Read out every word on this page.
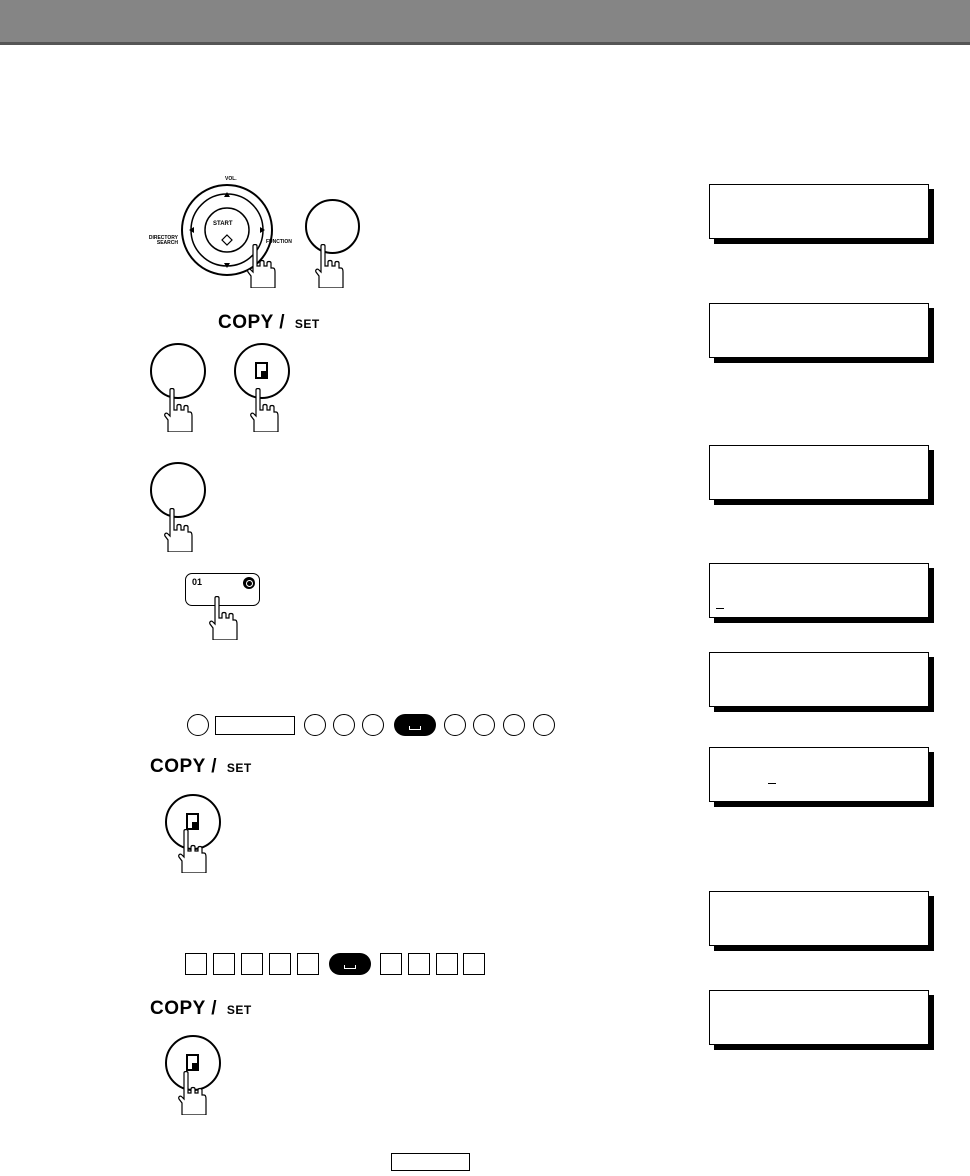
START
VOL.
DIRECTORY
SEARCH	FUNCTION
COPY / SET
01
COPY / SET
COPY / SET
